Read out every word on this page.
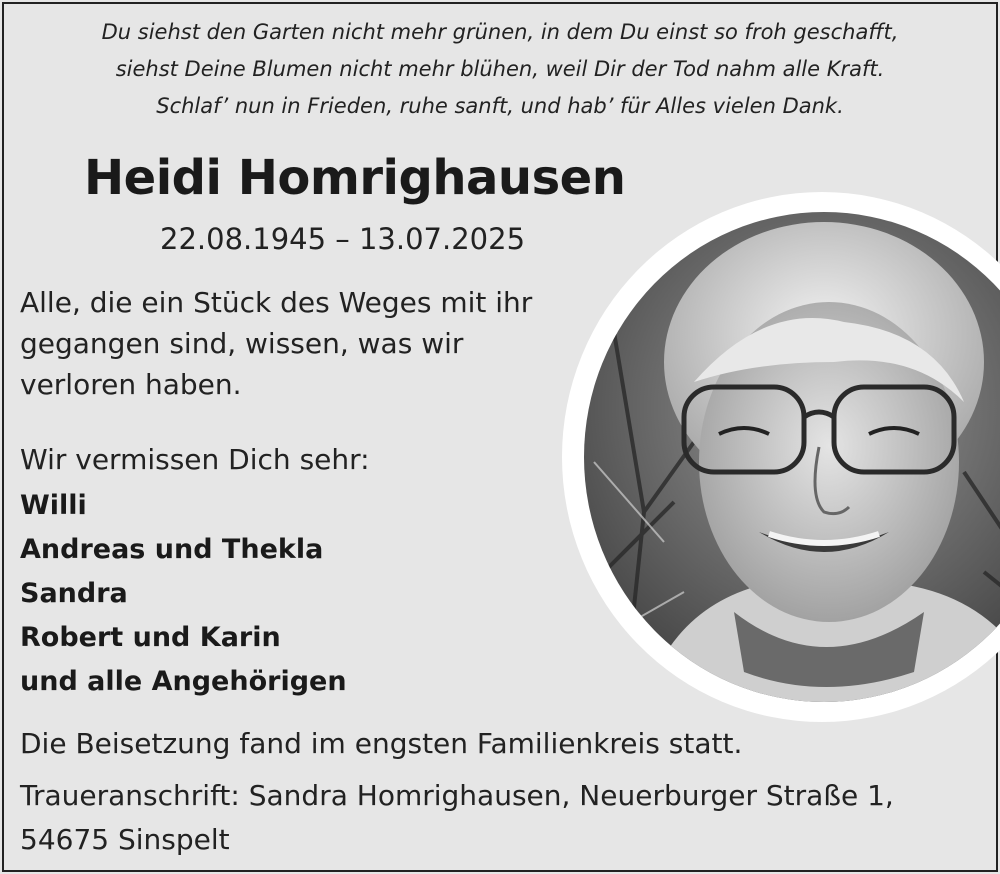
Du siehst den Garten nicht mehr grünen, in dem Du einst so froh geschafft,
siehst Deine Blumen nicht mehr blühen, weil Dir der Tod nahm alle Kraft.
Schlaf’ nun in Frieden, ruhe sanft, und hab’ für Alles vielen Dank.
Heidi Homrighausen
22.08.1945 – 13.07.2025
Alle, die ein Stück des Weges mit ihr
gegangen sind, wissen, was wir
verloren haben.
Wir vermissen Dich sehr:
Willi
Andreas und Thekla
Sandra
Robert und Karin
und alle Angehörigen
Die Beisetzung fand im engsten Familienkreis statt.
Traueranschrift: Sandra Homrighausen, Neuerburger Straße 1,
54675 Sinspelt
